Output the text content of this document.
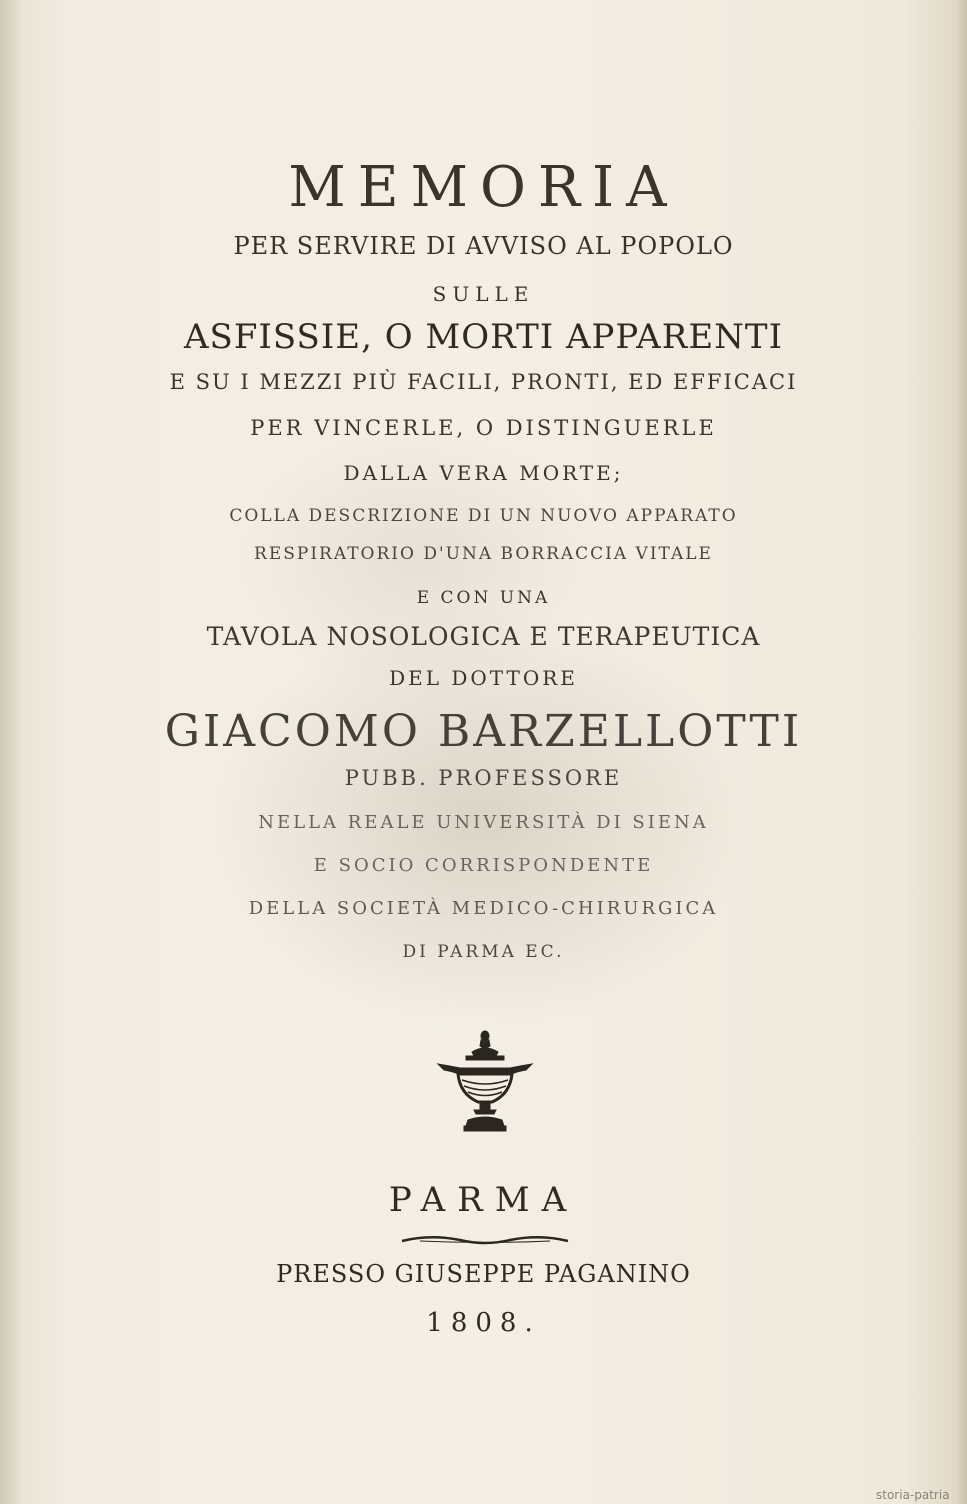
MEMORIA
PER SERVIRE DI AVVISO AL POPOLO
SULLE
ASFISSIE, O MORTI APPARENTI
E SU I MEZZI PIÙ FACILI, PRONTI, ED EFFICACI
PER VINCERLE, O DISTINGUERLE
DALLA VERA MORTE;
COLLA DESCRIZIONE DI UN NUOVO APPARATO
RESPIRATORIO D'UNA BORRACCIA VITALE
E CON UNA
TAVOLA NOSOLOGICA E TERAPEUTICA
DEL DOTTORE
GIACOMO BARZELLOTTI
PUBB. PROFESSORE
NELLA REALE UNIVERSITÀ DI SIENA
E SOCIO CORRISPONDENTE
DELLA SOCIETÀ MEDICO-CHIRURGICA
DI PARMA EC.
PARMA
PRESSO GIUSEPPE PAGANINO
1808.
storia-patria
